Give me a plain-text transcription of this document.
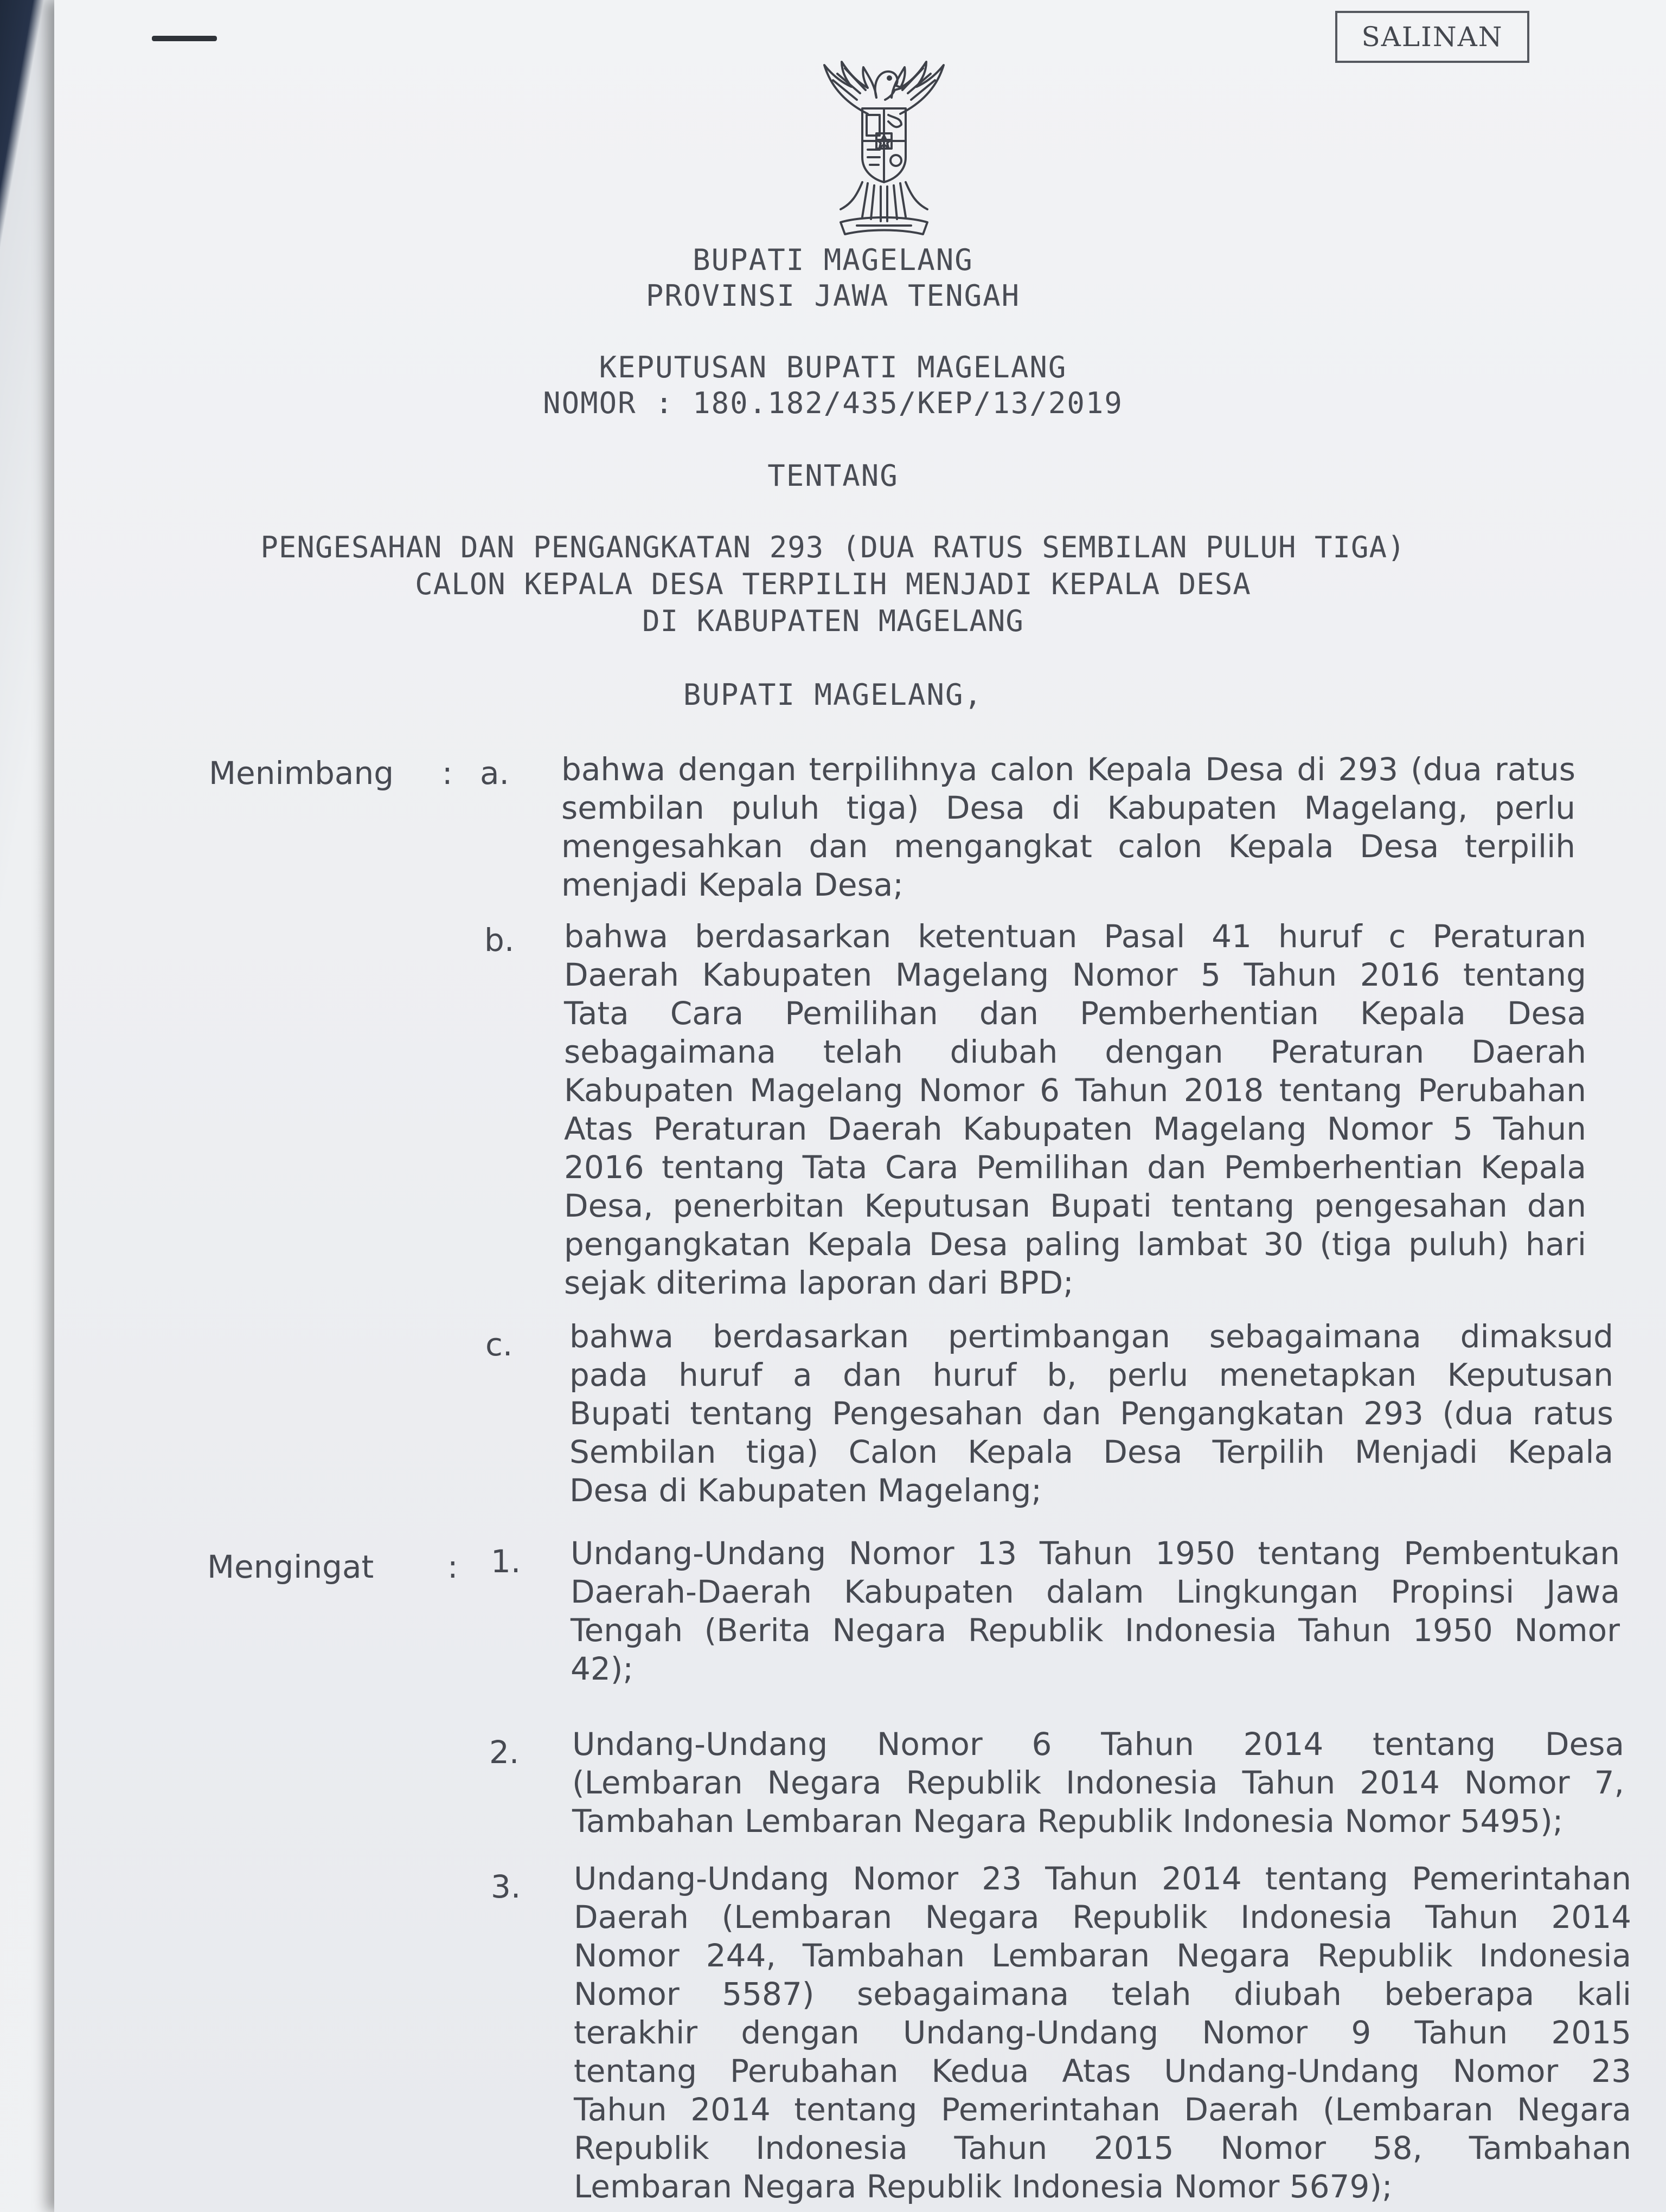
SALINAN
BUPATI MAGELANG
PROVINSI JAWA TENGAH
KEPUTUSAN BUPATI MAGELANG
NOMOR : 180.182/435/KEP/13/2019
TENTANG
PENGESAHAN DAN PENGANGKATAN 293 (DUA RATUS SEMBILAN PULUH TIGA)
CALON KEPALA DESA TERPILIH MENJADI KEPALA DESA
DI KABUPATEN MAGELANG
BUPATI MAGELANG,
Menimbang : a. bahwa dengan terpilihnya calon Kepala Desa di 293 (dua ratus
sembilan puluh tiga) Desa di Kabupaten Magelang, perlu
mengesahkan dan mengangkat calon Kepala Desa terpilih
menjadi Kepala Desa;
b. bahwa berdasarkan ketentuan Pasal 41 huruf c Peraturan
Daerah Kabupaten Magelang Nomor 5 Tahun 2016 tentang
Tata Cara Pemilihan dan Pemberhentian Kepala Desa
sebagaimana telah diubah dengan Peraturan Daerah
Kabupaten Magelang Nomor 6 Tahun 2018 tentang Perubahan
Atas Peraturan Daerah Kabupaten Magelang Nomor 5 Tahun
2016 tentang Tata Cara Pemilihan dan Pemberhentian Kepala
Desa, penerbitan Keputusan Bupati tentang pengesahan dan
pengangkatan Kepala Desa paling lambat 30 (tiga puluh) hari
sejak diterima laporan dari BPD;
c. bahwa berdasarkan pertimbangan sebagaimana dimaksud
pada huruf a dan huruf b, perlu menetapkan Keputusan
Bupati tentang Pengesahan dan Pengangkatan 293 (dua ratus
Sembilan tiga) Calon Kepala Desa Terpilih Menjadi Kepala
Desa di Kabupaten Magelang;
Mengingat : 1. Undang-Undang Nomor 13 Tahun 1950 tentang Pembentukan
Daerah-Daerah Kabupaten dalam Lingkungan Propinsi Jawa
Tengah (Berita Negara Republik Indonesia Tahun 1950 Nomor
42);
2. Undang-Undang Nomor 6 Tahun 2014 tentang Desa
(Lembaran Negara Republik Indonesia Tahun 2014 Nomor 7,
Tambahan Lembaran Negara Republik Indonesia Nomor 5495);
3. Undang-Undang Nomor 23 Tahun 2014 tentang Pemerintahan
Daerah (Lembaran Negara Republik Indonesia Tahun 2014
Nomor 244, Tambahan Lembaran Negara Republik Indonesia
Nomor 5587) sebagaimana telah diubah beberapa kali
terakhir dengan Undang-Undang Nomor 9 Tahun 2015
tentang Perubahan Kedua Atas Undang-Undang Nomor 23
Tahun 2014 tentang Pemerintahan Daerah (Lembaran Negara
Republik Indonesia Tahun 2015 Nomor 58, Tambahan
Lembaran Negara Republik Indonesia Nomor 5679);
